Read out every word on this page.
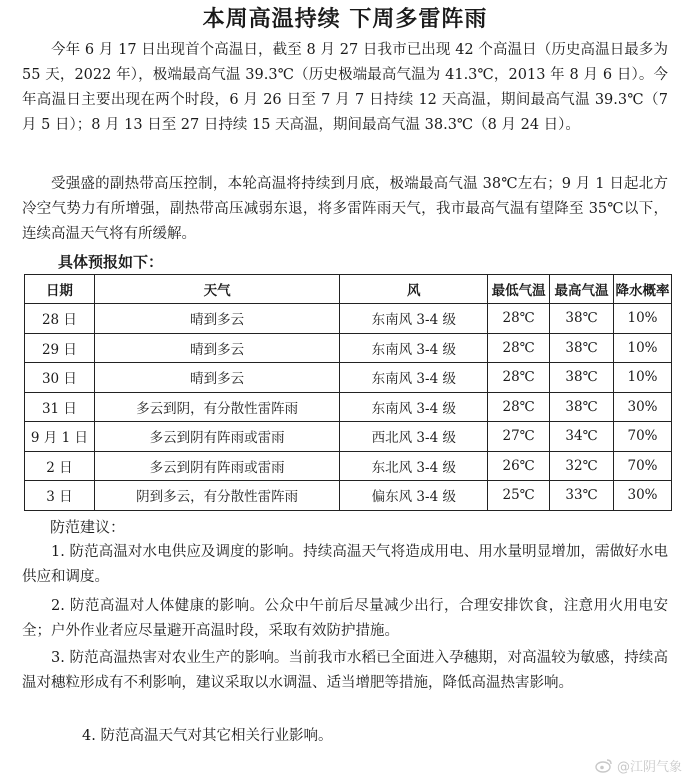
本周高温持续 下周多雷阵雨

今年 6 月 17 日出现首个高温日，截至 8 月 27 日我市已出现 42 个高温日（历史高温日最多为 55 天，2022 年），极端最高气温 39.3℃（历史极端最高气温为 41.3℃，2013 年 8 月 6 日）。今年高温日主要出现在两个时段，6 月 26 日至 7 月 7 日持续 12 天高温，期间最高气温 39.3℃（7 月 5 日）；8 月 13 日至 27 日持续 15 天高温，期间最高气温 38.3℃（8 月 24 日）。

受强盛的副热带高压控制，本轮高温将持续到月底，极端最高气温 38℃左右；9 月 1 日起北方冷空气势力有所增强，副热带高压减弱东退，将多雷阵雨天气，我市最高气温有望降至 35℃以下，连续高温天气将有所缓解。

具体预报如下：
日期	天气	风	最低气温	最高气温	降水概率
28 日	晴到多云	东南风 3-4 级	28℃	38℃	10%
29 日	晴到多云	东南风 3-4 级	28℃	38℃	10%
30 日	晴到多云	东南风 3-4 级	28℃	38℃	10%
31 日	多云到阴，有分散性雷阵雨	东南风 3-4 级	28℃	38℃	30%
9 月 1 日	多云到阴有阵雨或雷雨	西北风 3-4 级	27℃	34℃	70%
2 日	多云到阴有阵雨或雷雨	东北风 3-4 级	26℃	32℃	70%
3 日	阴到多云，有分散性雷阵雨	偏东风 3-4 级	25℃	33℃	30%
防范建议：

1. 防范高温对水电供应及调度的影响。持续高温天气将造成用电、用水量明显增加，需做好水电供应和调度。

2. 防范高温对人体健康的影响。公众中午前后尽量减少出行，合理安排饮食，注意用火用电安全；户外作业者应尽量避开高温时段，采取有效防护措施。

3. 防范高温热害对农业生产的影响。当前我市水稻已全面进入孕穗期，对高温较为敏感，持续高温对穗粒形成有不利影响，建议采取以水调温、适当增肥等措施，降低高温热害影响。

4. 防范高温天气对其它相关行业影响。

@江阴气象
